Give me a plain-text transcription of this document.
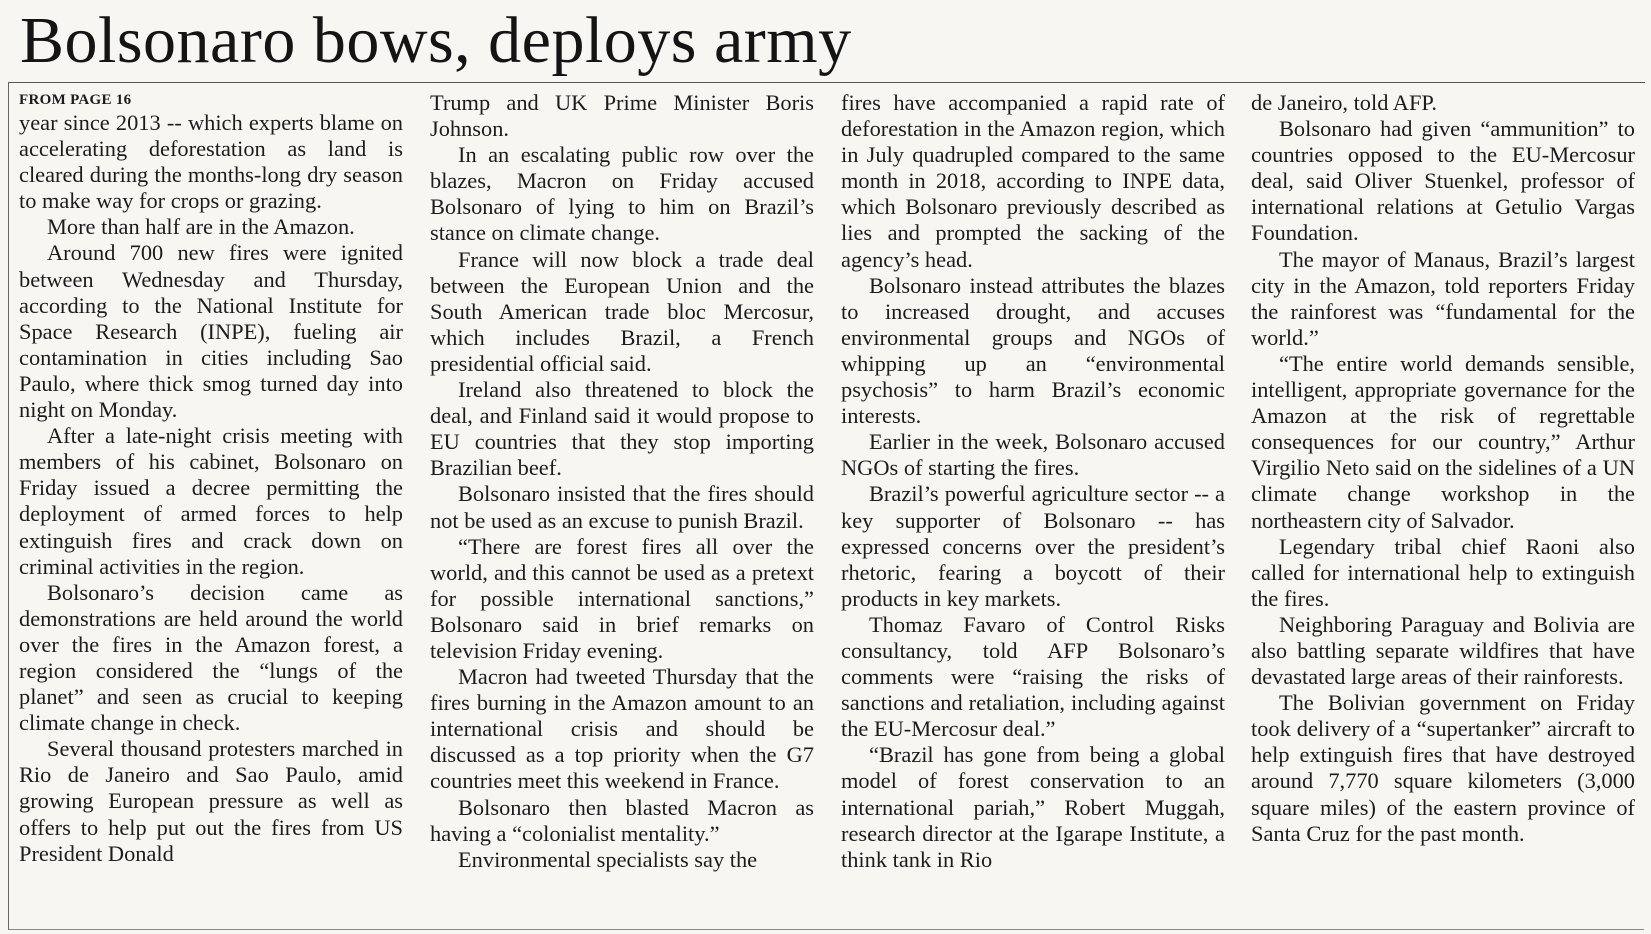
Bolsonaro bows, deploys army
FROM PAGE 16

year since 2013 -- which experts blame on accelerating deforestation as land is cleared during the months-long dry season to make way for crops or grazing.

More than half are in the Amazon.

Around 700 new fires were ignited between Wednesday and Thursday, according to the National Institute for Space Research (INPE), fueling air contamination in cities including Sao Paulo, where thick smog turned day into night on Monday.

After a late-night crisis meeting with members of his cabinet, Bolsonaro on Friday issued a decree permitting the deployment of armed forces to help extinguish fires and crack down on criminal activities in the region.

Bolsonaro’s decision came as demonstrations are held around the world over the fires in the Amazon forest, a region considered the “lungs of the planet” and seen as crucial to keeping climate change in check.

Several thousand protesters marched in Rio de Janeiro and Sao Paulo, amid growing European pressure as well as offers to help put out the fires from US President Donald

Trump and UK Prime Minister Boris Johnson.

In an escalating public row over the blazes, Macron on Friday accused Bolsonaro of lying to him on Brazil’s stance on climate change.

France will now block a trade deal between the European Union and the South American trade bloc Mercosur, which includes Brazil, a French presidential official said.

Ireland also threatened to block the deal, and Finland said it would propose to EU countries that they stop importing Brazilian beef.

Bolsonaro insisted that the fires should not be used as an excuse to punish Brazil.

“There are forest fires all over the world, and this cannot be used as a pretext for possible international sanctions,” Bolsonaro said in brief remarks on television Friday evening.

Macron had tweeted Thursday that the fires burning in the Amazon amount to an international crisis and should be discussed as a top priority when the G7 countries meet this weekend in France.

Bolsonaro then blasted Macron as having a “colonialist mentality.”

Environmental specialists say the

fires have accompanied a rapid rate of deforestation in the Amazon region, which in July quadrupled compared to the same month in 2018, according to INPE data, which Bolsonaro previously described as lies and prompted the sacking of the agency’s head.

Bolsonaro instead attributes the blazes to increased drought, and accuses environmental groups and NGOs of whipping up an “environmental psychosis” to harm Brazil’s economic interests.

Earlier in the week, Bolsonaro accused NGOs of starting the fires.

Brazil’s powerful agriculture sector -- a key supporter of Bolsonaro -- has expressed concerns over the president’s rhetoric, fearing a boycott of their products in key markets.

Thomaz Favaro of Control Risks consultancy, told AFP Bolsonaro’s comments were “raising the risks of sanctions and retaliation, including against the EU-Mercosur deal.”

“Brazil has gone from being a global model of forest conservation to an international pariah,” Robert Muggah, research director at the Igarape Institute, a think tank in Rio

de Janeiro, told AFP.

Bolsonaro had given “ammunition” to countries opposed to the EU-Mercosur deal, said Oliver Stuenkel, professor of international relations at Getulio Vargas Foundation.

The mayor of Manaus, Brazil’s largest city in the Amazon, told reporters Friday the rainforest was “fundamental for the world.”

“The entire world demands sensible, intelligent, appropriate governance for the Amazon at the risk of regrettable consequences for our country,” Arthur Virgilio Neto said on the sidelines of a UN climate change workshop in the northeastern city of Salvador.

Legendary tribal chief Raoni also called for international help to extinguish the fires.

Neighboring Paraguay and Bolivia are also battling separate wildfires that have devastated large areas of their rainforests.

The Bolivian government on Friday took delivery of a “supertanker” aircraft to help extinguish fires that have destroyed around 7,770 square kilometers (3,000 square miles) of the eastern province of Santa Cruz for the past month.
